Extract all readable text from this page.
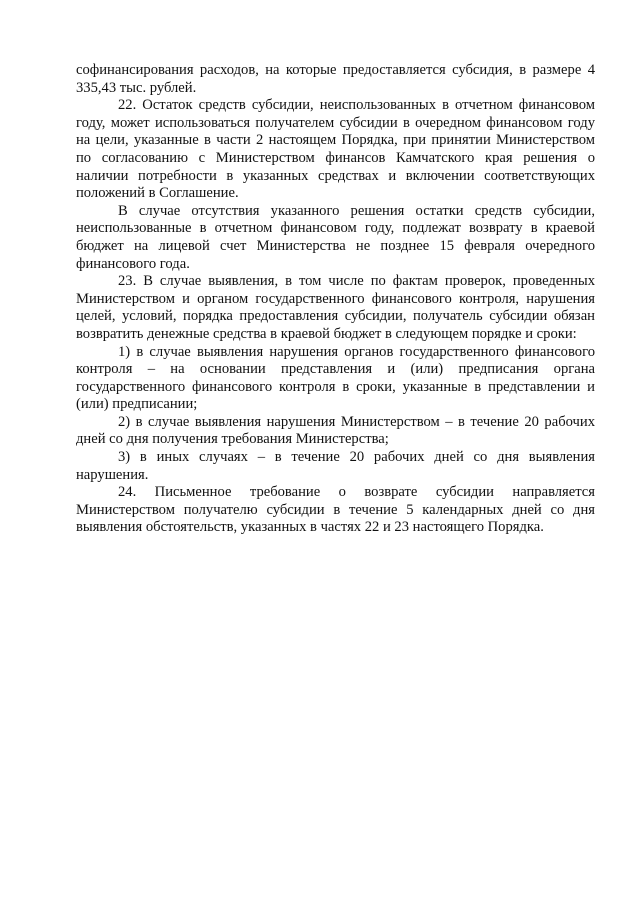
софинансирования расходов, на которые предоставляется субсидия, в размере 4 335,43 тыс. рублей.

22. Остаток средств субсидии, неиспользованных в отчетном финансовом году, может использоваться получателем субсидии в очередном финансовом году на цели, указанные в части 2 настоящем Порядка, при принятии Министерством по согласованию с Министерством финансов Камчатского края решения о наличии потребности в указанных средствах и включении соответствующих положений в Соглашение.

В случае отсутствия указанного решения остатки средств субсидии, неиспользованные в отчетном финансовом году, подлежат возврату в краевой бюджет на лицевой счет Министерства не позднее 15 февраля очередного финансового года.

23. В случае выявления, в том числе по фактам проверок, проведенных Министерством и органом государственного финансового контроля, нарушения целей, условий, порядка предоставления субсидии, получатель субсидии обязан возвратить денежные средства в краевой бюджет в следующем порядке и сроки:

1) в случае выявления нарушения органов государственного финансового контроля – на основании представления и (или) предписания органа государственного финансового контроля в сроки, указанные в представлении и (или) предписании;

2) в случае выявления нарушения Министерством – в течение 20 рабочих дней со дня получения требования Министерства;

3) в иных случаях – в течение 20 рабочих дней со дня выявления нарушения.

24. Письменное требование о возврате субсидии направляется Министерством получателю субсидии в течение 5 календарных дней со дня выявления обстоятельств, указанных в частях 22 и 23 настоящего Порядка.
